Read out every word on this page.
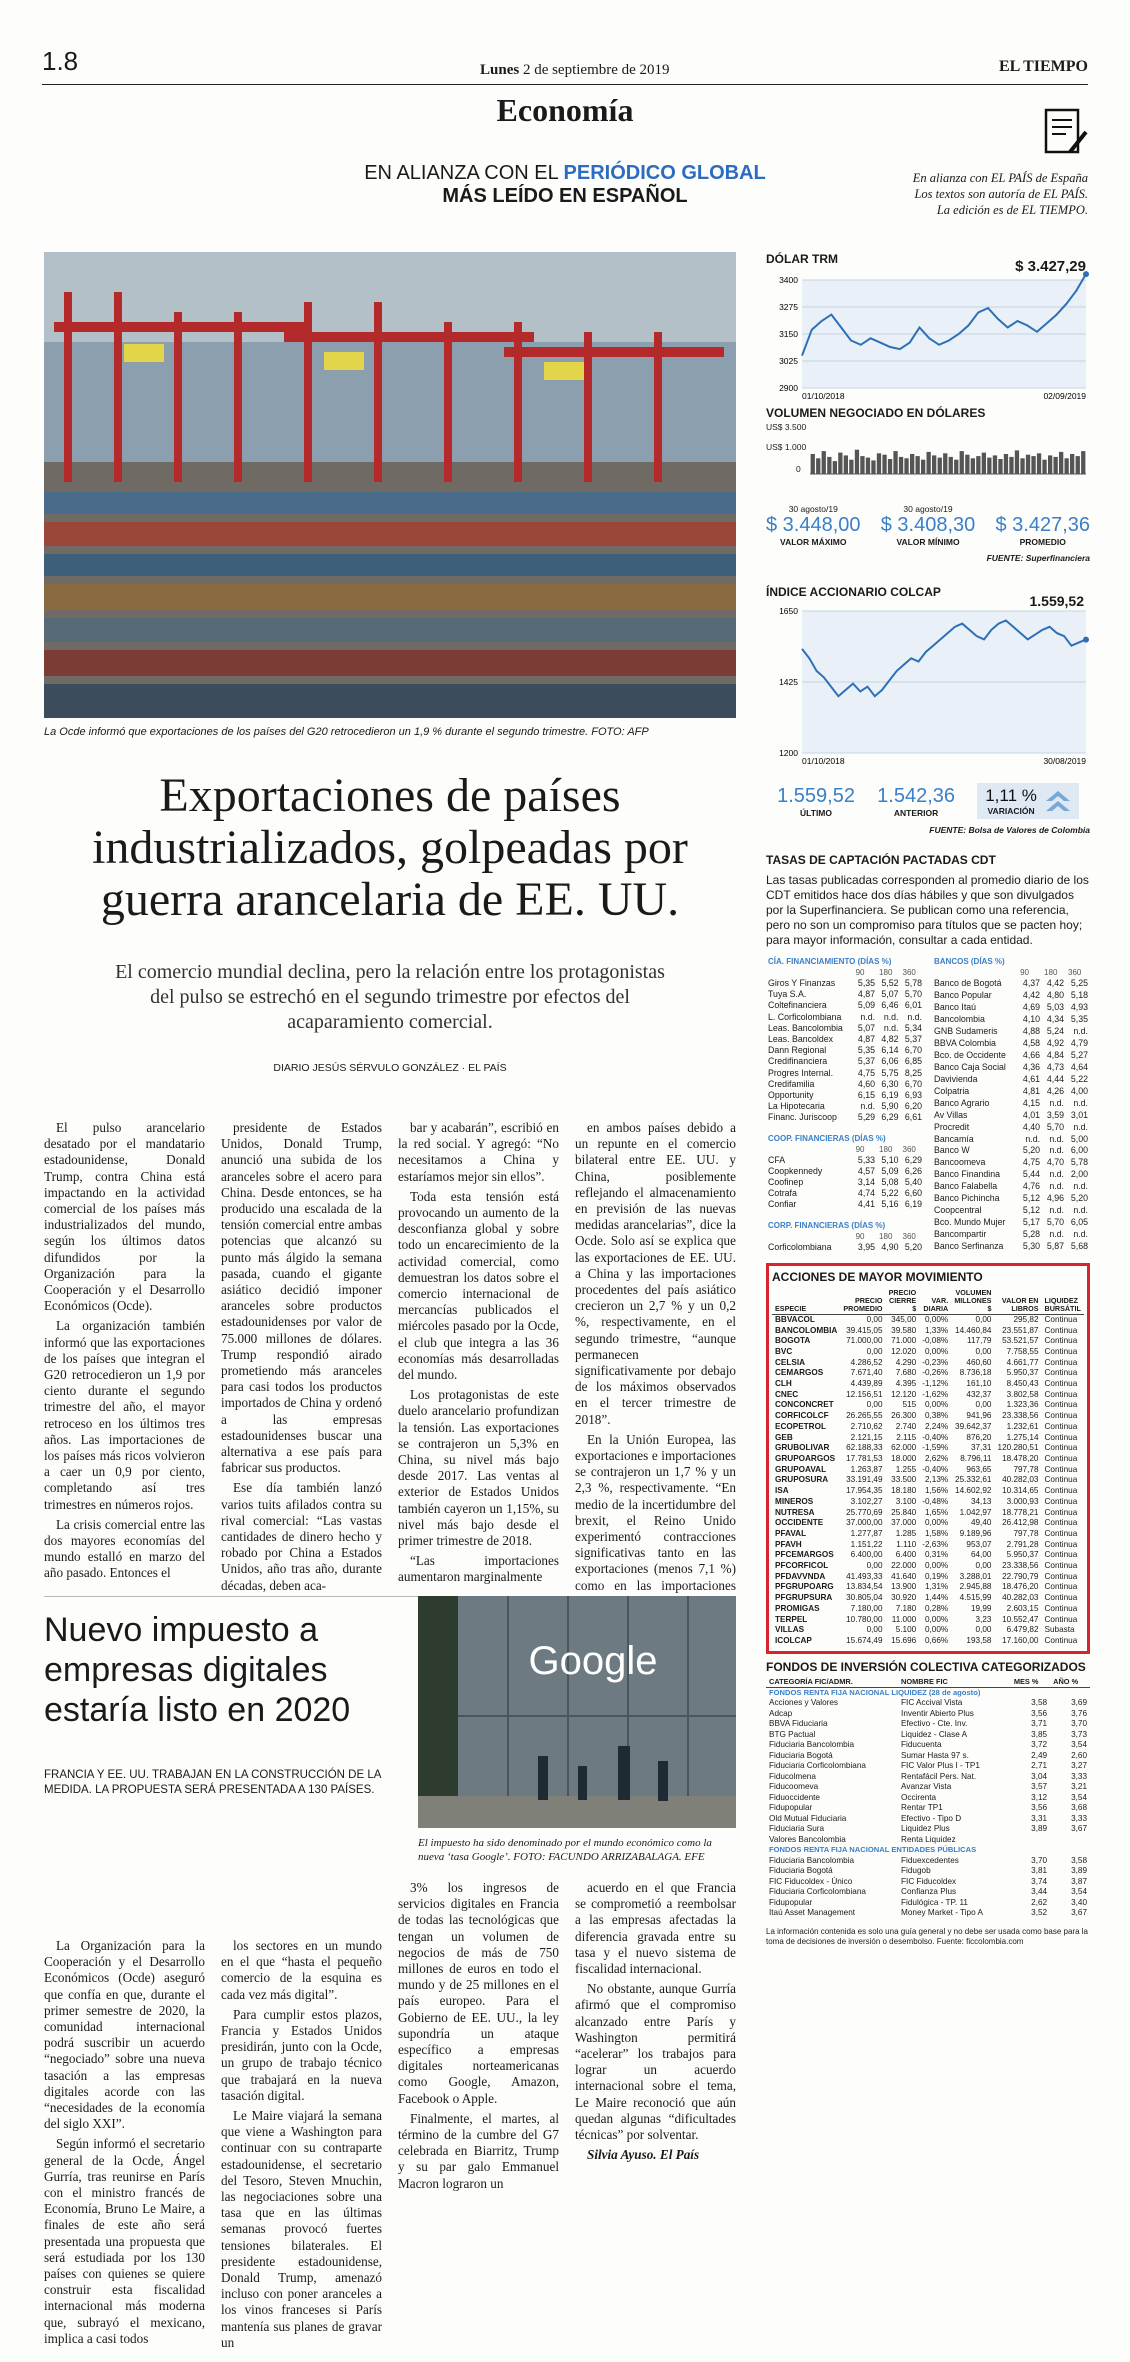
1.8	Lunes 2 de septiembre de 2019	EL TIEMPO
Economía
EN ALIANZA CON EL PERIÓDICO GLOBAL
MÁS LEÍDO EN ESPAÑOL
En alianza con EL PAÍS de España
Los textos son autoría de EL PAÍS.
La edición es de EL TIEMPO.
La Ocde informó que exportaciones de los países del G20 retrocedieron un 1,9 % durante el segundo trimestre. FOTO: AFP
Exportaciones de países industrializados, golpeadas por guerra arancelaria de EE. UU.
El comercio mundial declina, pero la relación entre los protagonistas del pulso se estrechó en el segundo trimestre por efectos del acaparamiento comercial.
DIARIO JESÚS SÉRVULO GONZÁLEZ · EL PAÍS

El pulso arancelario desatado por el mandatario estadounidense, Donald Trump, contra China está impactando en la actividad comercial de los países más industrializados del mundo, según los últimos datos difundidos por la Organización para la Cooperación y el Desarrollo Económicos (Ocde).

La organización también informó que las exportaciones de los países que integran el G20 retrocedieron un 1,9 por ciento durante el segundo trimestre del año, el mayor retroceso en los últimos tres años. Las importaciones de los países más ricos volvieron a caer un 0,9 por ciento, completando así tres trimestres en números rojos.

La crisis comercial entre las dos mayores economías del mundo estalló en marzo del año pasado. Entonces el

presidente de Estados Unidos, Donald Trump, anunció una subida de los aranceles sobre el acero para China. Desde entonces, se ha producido una escalada de la tensión comercial entre ambas potencias que alcanzó su punto más álgido la semana pasada, cuando el gigante asiático decidió imponer aranceles sobre productos estadounidenses por valor de 75.000 millones de dólares. Trump respondió airado prometiendo más aranceles para casi todos los productos importados de China y ordenó a las empresas estadounidenses buscar una alternativa a ese país para fabricar sus productos.

Ese día también lanzó varios tuits afilados contra su rival comercial: “Las vastas cantidades de dinero hecho y robado por China a Estados Unidos, año tras año, durante décadas, deben aca-

bar y acabarán”, escribió en la red social. Y agregó: “No necesitamos a China y estaríamos mejor sin ellos”.

Toda esta tensión está provocando un aumento de la desconfianza global y sobre todo un encarecimiento de la actividad comercial, como demuestran los datos sobre el comercio internacional de mercancías publicados el miércoles pasado por la Ocde, el club que integra a las 36 economías más desarrolladas del mundo.

Los protagonistas de este duelo arancelario profundizan la tensión. Las exportaciones se contrajeron un 5,3% en China, su nivel más bajo desde 2017. Las ventas al exterior de Estados Unidos también cayeron un 1,15%, su nivel más bajo desde el primer trimestre de 2018.

“Las importaciones aumentaron marginalmente

en ambos países debido a un repunte en el comercio bilateral entre EE. UU. y China, posiblemente reflejando el almacenamiento en previsión de las nuevas medidas arancelarias”, dice la Ocde. Solo así se explica que las exportaciones de EE. UU. a China y las importaciones procedentes del país asiático crecieron un 2,7 % y un 0,2 %, respectivamente, en el segundo trimestre, “aunque permanecen significativamente por debajo de los máximos observados en el tercer trimestre de 2018”.

En la Unión Europea, las exportaciones e importaciones se contrajeron un 1,7 % y un 2,3 %, respectivamente. “En medio de la incertidumbre del brexit, el Reino Unido experimentó contracciones significativas tanto en las exportaciones (menos 7,1 %) como en las importaciones

Nuevo impuesto a empresas digitales estaría listo en 2020
FRANCIA Y EE. UU. TRABAJAN EN LA CONSTRUCCIÓN DE LA MEDIDA. LA PROPUESTA SERÁ PRESENTADA A 130 PAÍSES.
Google
El impuesto ha sido denominado por el mundo económico como la nueva ‘tasa Google’. FOTO: FACUNDO ARRIZABALAGA. EFE

La Organización para la Cooperación y el Desarrollo Económicos (Ocde) aseguró que confía en que, durante el primer semestre de 2020, la comunidad internacional podrá suscribir un acuerdo “negociado” sobre una nueva tasación a las empresas digitales acorde con las “necesidades de la economía del siglo XXI”.

Según informó el secretario general de la Ocde, Ángel Gurría, tras reunirse en París con el ministro francés de Economía, Bruno Le Maire, a finales de este año será presentada una propuesta que será estudiada por los 130 países con quienes se quiere construir esta fiscalidad internacional más moderna que, subrayó el mexicano, implica a casi todos

los sectores en un mundo en el que “hasta el pequeño comercio de la esquina es cada vez más digital”.

Para cumplir estos plazos, Francia y Estados Unidos presidirán, junto con la Ocde, un grupo de trabajo técnico que trabajará en la nueva tasación digital.

Le Maire viajará la semana que viene a Washington para continuar con su contraparte estadounidense, el secretario del Tesoro, Steven Mnuchin, las negociaciones sobre una tasa que en las últimas semanas provocó fuertes tensiones bilaterales. El presidente estadounidense, Donald Trump, amenazó incluso con poner aranceles a los vinos franceses si París mantenía sus planes de gravar un

3% los ingresos de servicios digitales en Francia de todas las tecnológicas que tengan un volumen de negocios de más de 750 millones de euros en todo el mundo y de 25 millones en el país europeo. Para el Gobierno de EE. UU., la ley supondría un ataque específico a empresas digitales norteamericanas como Google, Amazon, Facebook o Apple.

Finalmente, el martes, al término de la cumbre del G7 celebrada en Biarritz, Trump y su par galo Emmanuel Macron lograron un

acuerdo en el que Francia se comprometió a reembolsar a las empresas afectadas la diferencia gravada entre su tasa y el nuevo sistema de fiscalidad internacional.

No obstante, aunque Gurría afirmó que el compromiso alcanzado entre París y Washington permitirá “acelerar” los trabajos para lograr un acuerdo internacional sobre el tema, Le Maire reconoció que aún quedan algunas “dificultades técnicas” por solventar.

Silvia Ayuso. El País

DÓLAR TRM	$ 3.427,29
3400
3275
3150
3025
2900
01/10/2018	02/09/2019
VOLUMEN NEGOCIADO EN DÓLARES
US$ 3.500
US$ 1.000
0
30 agosto/19
$ 3.448,00
VALOR MÁXIMO
30 agosto/19
$ 3.408,30
VALOR MÍNIMO

$ 3.427,36
PROMEDIO
FUENTE: Superfinanciera
ÍNDICE ACCIONARIO COLCAP
1.559,52
1650
1425
1200
01/10/2018	30/08/2019
1.559,52
ÚLTIMO
1.542,36
ANTERIOR
1,11 %
VARIACIÓN
FUENTE: Bolsa de Valores de Colombia
TASAS DE CAPTACIÓN PACTADAS CDT
Las tasas publicadas corresponden al promedio diario de los CDT emitidos hace dos días hábiles y que son divulgados por la Superfinanciera. Se publican como una referencia, pero no son un compromiso para títulos que se pacten hoy; para mayor información, consultar a cada entidad.
CÍA. FINANCIAMIENTO (DÍAS %)			
	90	180	360
Giros Y Finanzas	5,35	5,52	5,78
Tuya S.A.	4,87	5,07	5,70
Coltefinanciera	5,09	6,46	6,01
L. Corficolombiana	n.d.	n.d.	n.d.
Leas. Bancolombia	5,07	n.d.	5,34
Leas. Bancoldex	4,87	4,82	5,37
Dann Regional	5,35	6,14	6,70
Credifinanciera	5,37	6,06	6,85
Progres Internal.	4,75	5,75	8,25
Credifamilia	4,60	6,30	6,70
Opportunity	6,15	6,19	6,93
La Hipotecaria	n.d.	5,90	6,20
Financ. Juriscoop	5,29	6,29	6,61
COOP. FINANCIERAS (DÍAS %)			
	90	180	360
CFA	5,33	5,10	6,29
Coopkennedy	4,57	5,09	6,26
Coofinep	3,14	5,08	5,40
Cotrafa	4,74	5,22	6,60
Confiar	4,41	5,16	6,19
CORP. FINANCIERAS (DÍAS %)			
	90	180	360
Corficolombiana	3,95	4,90	5,20
BANCOS (DÍAS %)			
	90	180	360
Banco de Bogotá	4,37	4,42	5,25
Banco Popular	4,42	4,80	5,18
Banco Itaú	4,69	5,03	4,93
Bancolombia	4,10	4,34	5,35
GNB Sudameris	4,88	5,24	n.d.
BBVA Colombia	4,58	4,92	4,79
Bco. de Occidente	4,66	4,84	5,27
Banco Caja Social	4,36	4,73	4,64
Davivienda	4,61	4,44	5,22
Colpatria	4,81	4,26	4,00
Banco Agrario	4,15	n.d.	n.d.
Av Villas	4,01	3,59	3,01
Procredit	4,40	5,70	n.d.
Bancamía	n.d.	n.d.	5,00
Banco W	5,20	n.d.	6,00
Bancoomeva	4,75	4,70	5,78
Banco Finandina	5,44	n.d.	2,00
Banco Falabella	4,76	n.d.	n.d.
Banco Pichincha	5,12	4,96	5,20
Coopcentral	5,12	n.d.	n.d.
Bco. Mundo Mujer	5,17	5,70	6,05
Bancompartir	5,28	n.d.	n.d.
Banco Serfinanza	5,30	5,87	5,68
ACCIONES DE MAYOR MOVIMIENTO
ESPECIE	PRECIO PROMEDIO	PRECIO CIERRE $	VAR. DIARIA	VOLUMEN MILLONES $	VALOR EN LIBROS	LIQUIDEZ BURSÁTIL
BBVACOL	0,00	345,00	0,00%	0,00	295,82	Continua
BANCOLOMBIA	39.415,05	39.580	1,33%	14.460,84	23.551,87	Continua
BOGOTA	71.000,00	71.000	-0,08%	117,79	53.521,57	Continua
BVC	0,00	12.020	0,00%	0,00	7.758,55	Continua
CELSIA	4.286,52	4.290	-0,23%	460,60	4.661,77	Continua
CEMARGOS	7.671,40	7.680	-0,26%	8.736,18	5.950,37	Continua
CLH	4.439,89	4.395	-1,12%	161,10	8.450,43	Continua
CNEC	12.156,51	12.120	-1,62%	432,37	3.802,58	Continua
CONCONCRET	0,00	515	0,00%	0,00	1.323,36	Continua
CORFICOLCF	26.265,55	26.300	0,38%	941,96	23.338,56	Continua
ECOPETROL	2.710,62	2.740	2,24%	39.642,37	1.232,61	Continua
GEB	2.121,15	2.115	-0,40%	876,20	1.275,14	Continua
GRUBOLIVAR	62.188,33	62.000	-1,59%	37,31	120.280,51	Continua
GRUPOARGOS	17.781,53	18.000	2,62%	8.796,11	18.478,20	Continua
GRUPOAVAL	1.263,87	1.255	-0,40%	963,65	797,78	Continua
GRUPOSURA	33.191,49	33.500	2,13%	25.332,61	40.282,03	Continua
ISA	17.954,35	18.180	1,56%	14.602,92	10.314,65	Continua
MINEROS	3.102,27	3.100	-0,48%	34,13	3.000,93	Continua
NUTRESA	25.770,69	25.840	1,65%	1.042,97	18.778,21	Continua
OCCIDENTE	37.000,00	37.000	0,00%	49,40	26.412,98	Continua
PFAVAL	1.277,87	1.285	1,58%	9.189,96	797,78	Continua
PFAVH	1.151,22	1.110	-2,63%	953,07	2.791,28	Continua
PFCEMARGOS	6.400,00	6.400	0,31%	64,00	5.950,37	Continua
PFCORFICOL	0,00	22.000	0,00%	0,00	23.338,56	Continua
PFDAVVNDA	41.493,33	41.640	0,19%	3.288,01	22.790,79	Continua
PFGRUPOARG	13.834,54	13.900	1,31%	2.945,88	18.476,20	Continua
PFGRUPSURA	30.805,04	30.920	1,44%	4.515,99	40.282,03	Continua
PROMIGAS	7.180,00	7.180	0,28%	19,99	2.603,15	Continua
TERPEL	10.780,00	11.000	0,00%	3,23	10.552,47	Continua
VILLAS	0,00	5.100	0,00%	0,00	6.479,82	Subasta
ICOLCAP	15.674,49	15.696	0,66%	193,58	17.160,00	Continua
FONDOS DE INVERSIÓN COLECTIVA CATEGORIZADOS
CATEGORÍA FIC/ADMR.	NOMBRE FIC	MES %	AÑO %
FONDOS RENTA FIJA NACIONAL LIQUIDEZ (28 de agosto)			
Acciones y Valores	FIC Accival Vista	3,58	3,69
Adcap	Inventir Abierto Plus	3,56	3,76
BBVA Fiduciaria	Efectivo - Cte. Inv.	3,71	3,70
BTG Pactual	Liquidez - Clase A	3,85	3,73
Fiduciaria Bancolombia	Fiducuenta	3,72	3,54
Fiduciaria Bogotá	Sumar Hasta 97 s.	2,49	2,60
Fiduciaria Corficolombiana	FIC Valor Plus I - TP1	2,71	3,27
Fiducolmena	Rentafácil Pers. Nat.	3,04	3,33
Fiducoomeva	Avanzar Vista	3,57	3,21
Fiduoccidente	Occirenta	3,12	3,54
Fidupopular	Rentar TP1	3,56	3,68
Old Mutual Fiduciaria	Efectivo - Tipo D	3,31	3,33
Fiduciaria Sura	Liquidez Plus	3,89	3,67
Valores Bancolombia	Renta Liquidez		
FONDOS RENTA FIJA NACIONAL ENTIDADES PÚBLICAS			
Fiduciaria Bancolombia	Fiduexcedentes	3,70	3,58
Fiduciaria Bogotá	Fidugob	3,81	3,89
FIC Fiducoldex - Único	FIC Fiducoldex	3,74	3,87
Fiduciaria Corficolombiana	Confianza Plus	3,44	3,54
Fidupopular	Fidulógica - TP. 11	2,62	3,40
Itaú Asset Management	Money Market - Tipo A	3,52	3,67
La información contenida es solo una guía general y no debe ser usada como base para la toma de decisiones de inversión o desembolso. Fuente: ficcolombia.com
